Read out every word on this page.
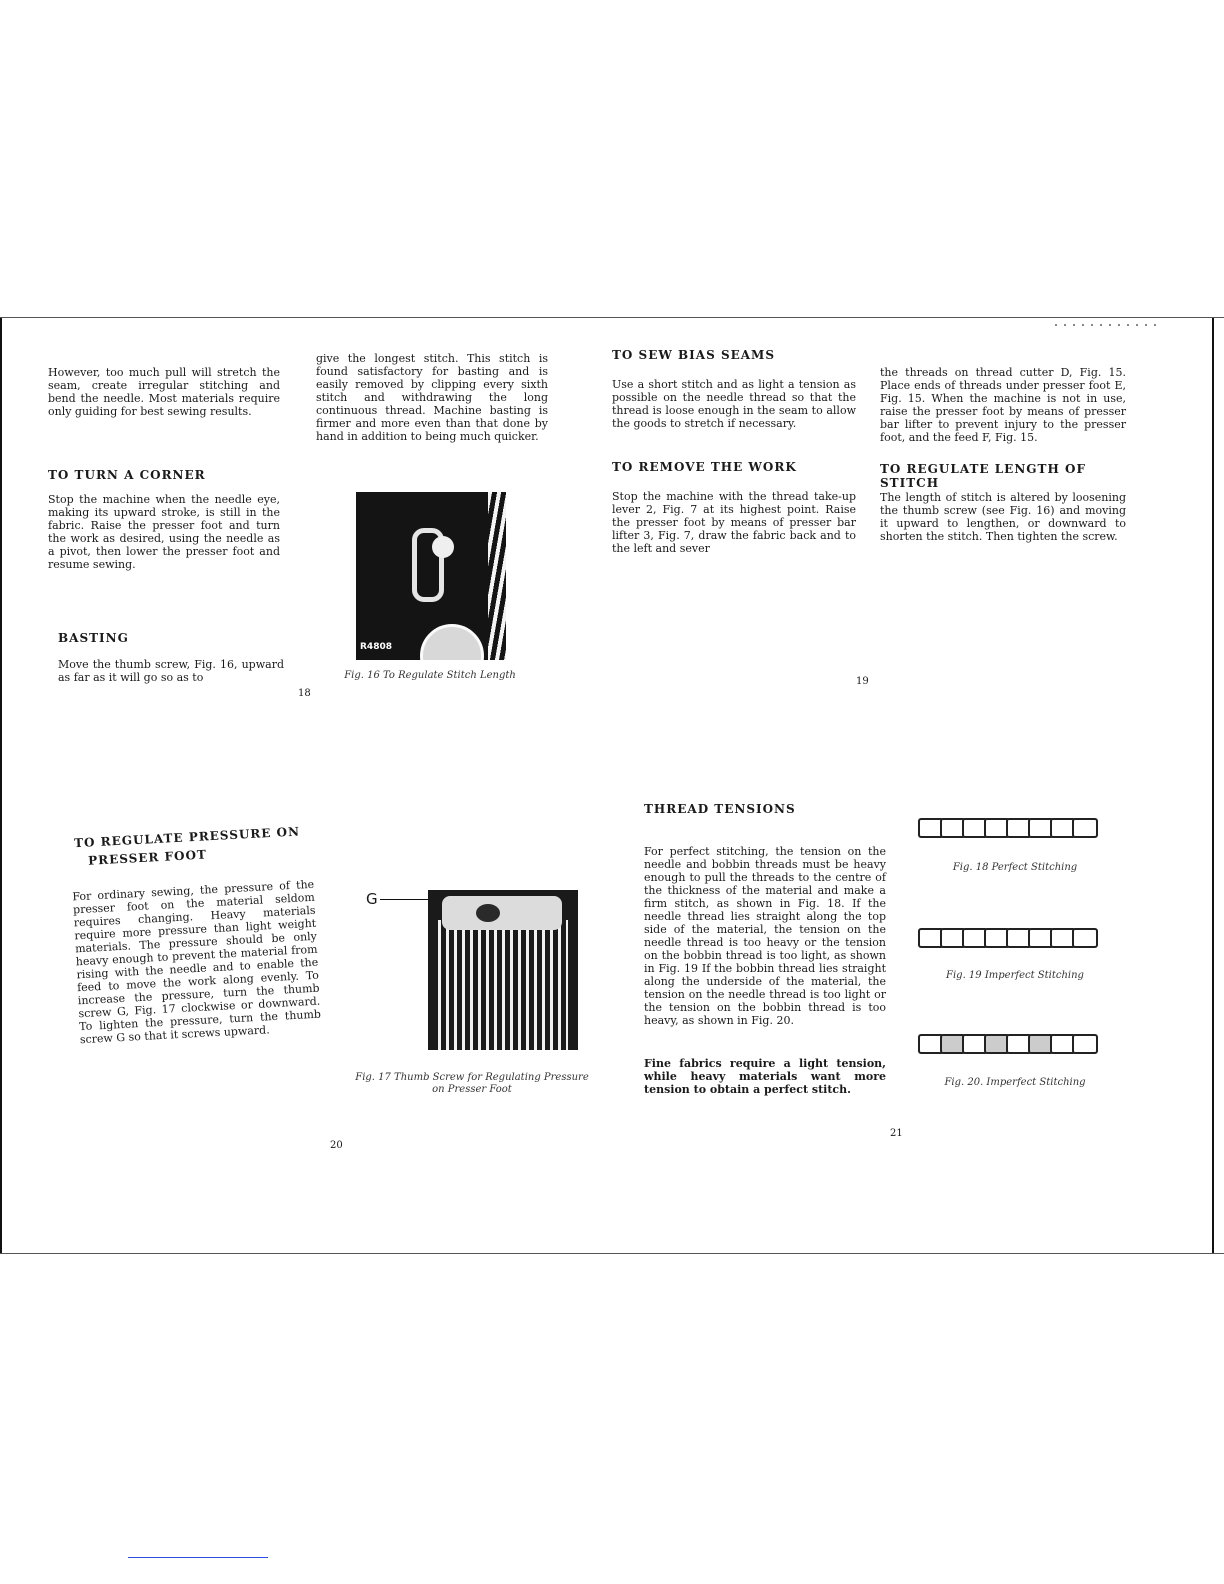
However, too much pull will stretch the seam, create irregular stitching and bend the needle. Most materials require only guiding for best sewing results.
TO TURN A CORNER
Stop the machine when the needle eye, making its upward stroke, is still in the fabric. Raise the presser foot and turn the work as desired, using the needle as a pivot, then lower the presser foot and resume sewing.
BASTING
Move the thumb screw, Fig. 16, upward as far as it will go so as to
give the longest stitch. This stitch is found satisfactory for basting and is easily removed by clipping every sixth stitch and withdrawing the long continuous thread. Machine basting is firmer and more even than that done by hand in addition to being much quicker.
R4808
Fig. 16 To Regulate Stitch Length
18
TO SEW BIAS SEAMS
Use a short stitch and as light a tension as possible on the needle thread so that the thread is loose enough in the seam to allow the goods to stretch if necessary.
TO REMOVE THE WORK
Stop the machine with the thread take-up lever 2, Fig. 7 at its highest point. Raise the presser foot by means of presser bar lifter 3, Fig. 7, draw the fabric back and to the left and sever
the threads on thread cutter D, Fig. 15. Place ends of threads under presser foot E, Fig. 15. When the machine is not in use, raise the presser foot by means of presser bar lifter to prevent injury to the presser foot, and the feed F, Fig. 15.
TO REGULATE LENGTH OF STITCH
The length of stitch is altered by loosening the thumb screw (see Fig. 16) and moving it upward to lengthen, or downward to shorten the stitch. Then tighten the screw.
19
TO REGULATE PRESSURE ON
PRESSER FOOT
For ordinary sewing, the pressure of the presser foot on the material seldom requires changing. Heavy materials require more pressure than light weight materials. The pressure should be only heavy enough to prevent the material from rising with the needle and to enable the feed to move the work along evenly. To increase the pressure, turn the thumb screw G, Fig. 17 clockwise or downward. To lighten the pressure, turn the thumb screw G so that it screws upward.
G
Fig. 17 Thumb Screw for Regulating Pressure on Presser Foot
20
THREAD TENSIONS
For perfect stitching, the tension on the needle and bobbin threads must be heavy enough to pull the threads to the centre of the thickness of the material and make a firm stitch, as shown in Fig. 18. If the needle thread lies straight along the top side of the material, the tension on the needle thread is too heavy or the tension on the bobbin thread is too light, as shown in Fig. 19 If the bobbin thread lies straight along the underside of the material, the tension on the needle thread is too light or the tension on the bobbin thread is too heavy, as shown in Fig. 20.
Fine fabrics require a light tension, while heavy materials want more tension to obtain a perfect stitch.
Fig. 18 Perfect Stitching
Fig. 19 Imperfect Stitching
Fig. 20. Imperfect Stitching
21
